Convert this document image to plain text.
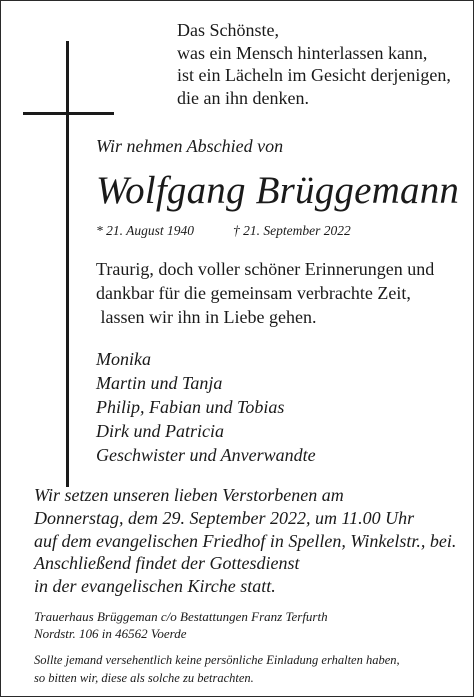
Das Schönste,
was ein Mensch hinterlassen kann,
ist ein Lächeln im Gesicht derjenigen,
die an ihn denken.
Wir nehmen Abschied von
Wolfgang Brüggemann
* 21. August 1940	† 21. September 2022
Traurig, doch voller schöner Erinnerungen und
dankbar für die gemeinsam verbrachte Zeit,
lassen wir ihn in Liebe gehen.
Monika
Martin und Tanja
Philip, Fabian und Tobias
Dirk und Patricia
Geschwister und Anverwandte
Wir setzen unseren lieben Verstorbenen am
Donnerstag, dem 29. September 2022, um 11.00 Uhr
auf dem evangelischen Friedhof in Spellen, Winkelstr., bei.
Anschließend findet der Gottesdienst
in der evangelischen Kirche statt.
Trauerhaus Brüggeman c/o Bestattungen Franz Terfurth
Nordstr. 106 in 46562 Voerde
Sollte jemand versehentlich keine persönliche Einladung erhalten haben,
so bitten wir, diese als solche zu betrachten.
